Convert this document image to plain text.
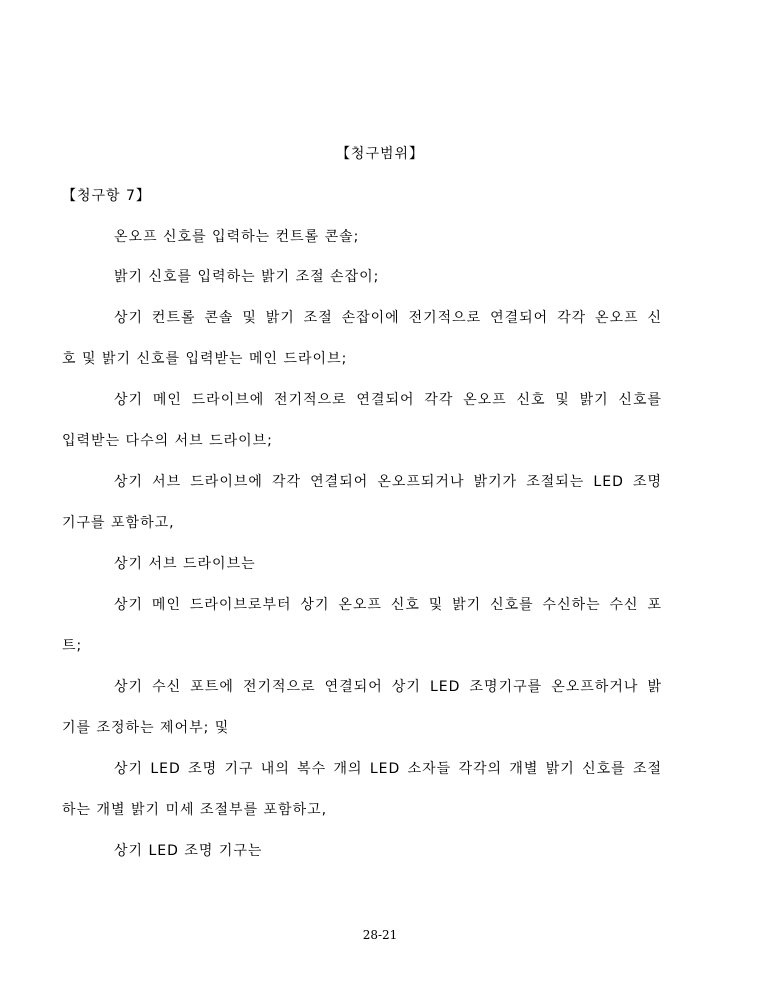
【청구범위】
【청구항 7】
온오프 신호를 입력하는 컨트롤 콘솔;
밝기 신호를 입력하는 밝기 조절 손잡이;
상기 컨트롤 콘솔 및 밝기 조절 손잡이에 전기적으로 연결되어 각각 온오프 신
호 및 밝기 신호를 입력받는 메인 드라이브;
상기 메인 드라이브에 전기적으로 연결되어 각각 온오프 신호 및 밝기 신호를
입력받는 다수의 서브 드라이브;
상기 서브 드라이브에 각각 연결되어 온오프되거나 밝기가 조절되는 LED 조명
기구를 포함하고,
상기 서브 드라이브는
상기 메인 드라이브로부터 상기 온오프 신호 및 밝기 신호를 수신하는 수신 포
트;
상기 수신 포트에 전기적으로 연결되어 상기 LED 조명기구를 온오프하거나 밝
기를 조정하는 제어부; 및
상기 LED 조명 기구 내의 복수 개의 LED 소자들 각각의 개별 밝기 신호를 조절
하는 개별 밝기 미세 조절부를 포함하고,
상기 LED 조명 기구는
28-21
